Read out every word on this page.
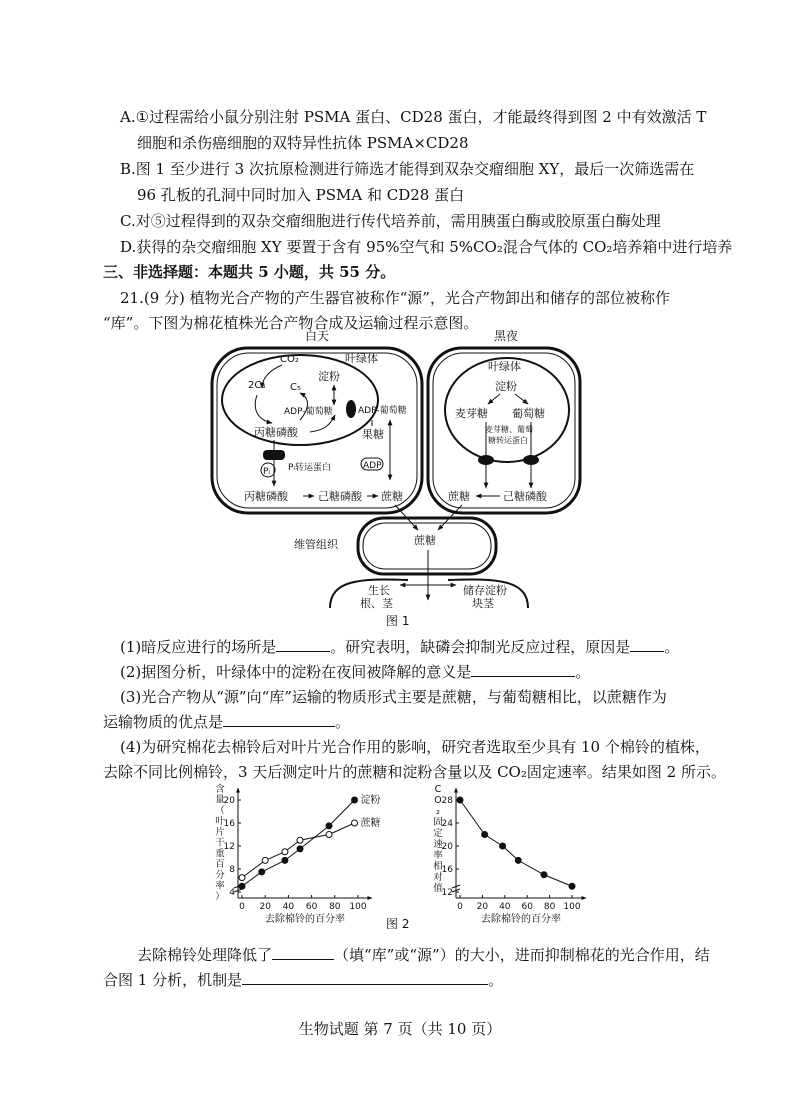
A.①过程需给小鼠分别注射 PSMA 蛋白、CD28 蛋白，才能最终得到图 2 中有效激活 T
细胞和杀伤癌细胞的双特异性抗体 PSMA×CD28
B.图 1 至少进行 3 次抗原检测进行筛选才能得到双杂交瘤细胞 XY，最后一次筛选需在
96 孔板的孔洞中同时加入 PSMA 和 CD28 蛋白
C.对⑤过程得到的双杂交瘤细胞进行传代培养前，需用胰蛋白酶或胶原蛋白酶处理
D.获得的杂交瘤细胞 XY 要置于含有 95%空气和 5%CO₂混合气体的 CO₂培养箱中进行培养
三、非选择题：本题共 5 小题，共 55 分。
21.(9 分) 植物光合产物的产生器官被称作“源”，光合产物卸出和储存的部位被称作
“库”。下图为棉花植株光合产物合成及运输过程示意图。
白天
叶绿体
CO₂
2C₃ C₅
淀粉
ADP-葡萄糖	ADP-葡萄糖
丙糖磷酸	果糖
Pᵢ Pᵢ转运蛋白	ADP
丙糖磷酸	己糖磷酸 蔗糖
黑夜
叶绿体
淀粉
麦芽糖 葡萄糖
麦芽糖、葡萄
糖转运蛋白
蔗糖	己糖磷酸
维管组织	蔗糖
生长
根、茎
储存淀粉
块茎
图 1
(1)暗反应进行的场所是	。研究表明，缺磷会抑制光反应过程，原因是 。
(2)据图分析，叶绿体中的淀粉在夜间被降解的意义是	。
(3)光合产物从“源”向“库”运输的物质形式主要是蔗糖，与葡萄糖相比，以蔗糖作为
运输物质的优点是	。
(4)为研究棉花去棉铃后对叶片光合作用的影响，研究者选取至少具有 10 个棉铃的植株，
去除不同比例棉铃，3 天后测定叶片的蔗糖和淀粉含量以及 CO₂固定速率。结果如图 2 所示。
0 20 40 60 80 100
4
8
12
16
20
去除棉铃的百分率
含
量
（
叶
片
干
重
百
分
率
）
淀粉
蔗糖
0 20 40 60 80 100
12
16
20
24
28
去除棉铃的百分率
C
O
₂
固
定
速
率
相
对
值
图 2
去除棉铃处理降低了	（填“库”或“源”）的大小，进而抑制棉花的光合作用，结
合图 1 分析，机制是	。
生物试题 第 7 页（共 10 页）
